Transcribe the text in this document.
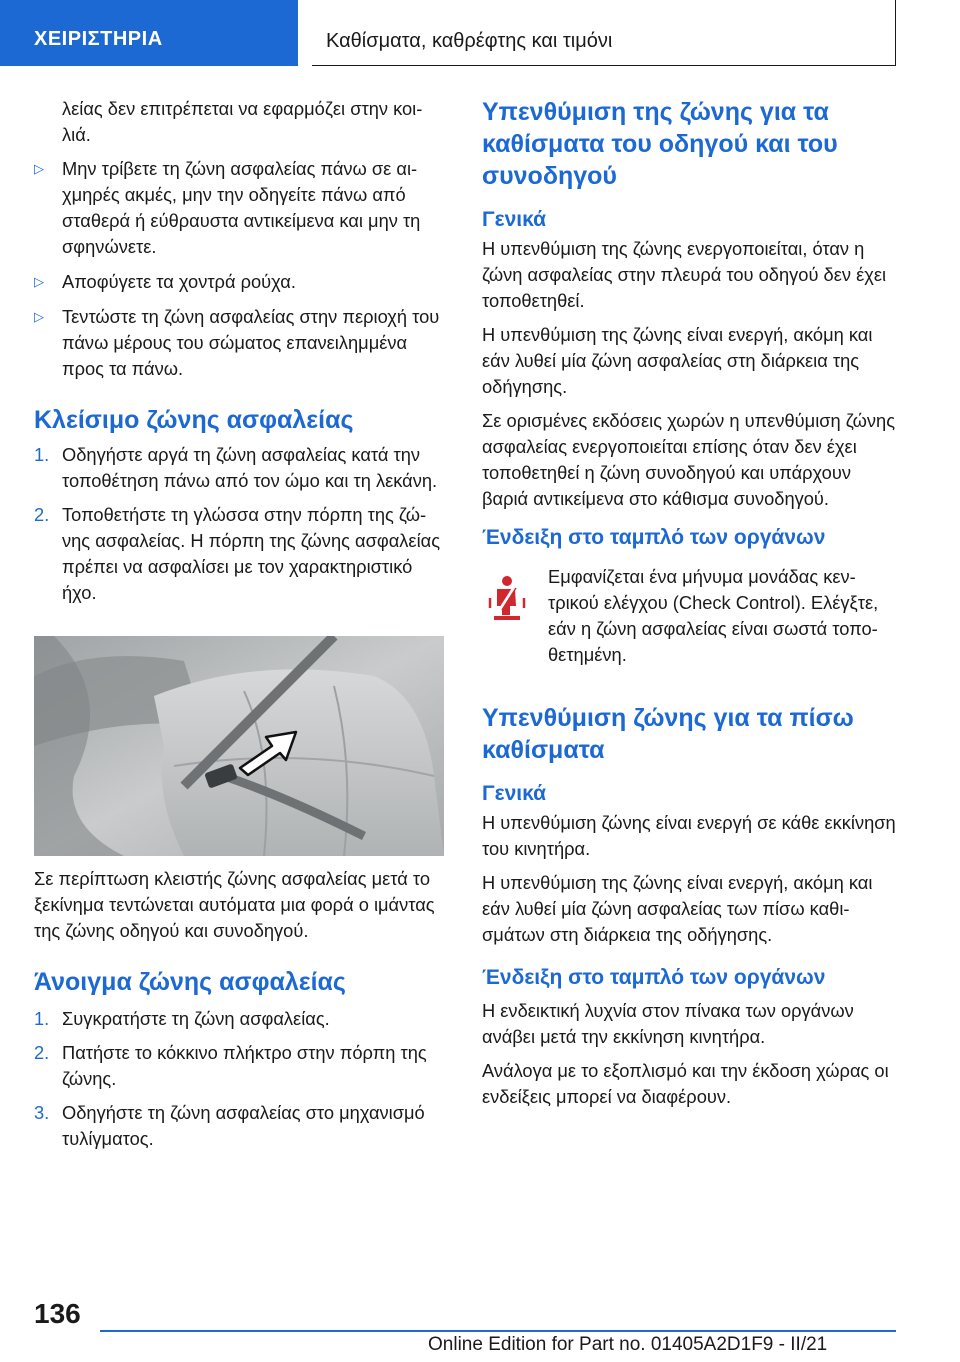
ΧΕΙΡΙΣΤΗΡΙΑ	Καθίσματα, καθρέφτης και τιμόνι

λείας δεν επιτρέπεται να εφαρμόζει στην κοιλιά.

▷ Μην τρίβετε τη ζώνη ασφαλείας πάνω σε αιχμηρές ακμές, μην την οδηγείτε πάνω από σταθερά ή εύθραυστα αντικείμενα και μην τη σφηνώνετε.
▷ Αποφύγετε τα χοντρά ρούχα.
▷ Τεντώστε τη ζώνη ασφαλείας στην περιοχή του πάνω μέρους του σώματος επανειλημμένα προς τα πάνω.
Κλείσιμο ζώνης ασφαλείας
1. Οδηγήστε αργά τη ζώνη ασφαλείας κατά την τοποθέτηση πάνω από τον ώμο και τη λεκάνη.
2. Τοποθετήστε τη γλώσσα στην πόρπη της ζώνης ασφαλείας. Η πόρπη της ζώνης ασφαλείας πρέπει να ασφαλίσει με τον χαρακτηριστικό ήχο.

Σε περίπτωση κλειστής ζώνης ασφαλείας μετά το ξεκίνημα τεντώνεται αυτόματα μια φορά ο ιμάντας της ζώνης οδηγού και συνοδηγού.

Άνοιγμα ζώνης ασφαλείας
1. Συγκρατήστε τη ζώνη ασφαλείας.
2. Πατήστε το κόκκινο πλήκτρο στην πόρπη της ζώνης.
3. Οδηγήστε τη ζώνη ασφαλείας στο μηχανισμό τυλίγματος.
Υπενθύμιση της ζώνης για τα καθίσματα του οδηγού και του συνοδηγού
Γενικά

Η υπενθύμιση της ζώνης ενεργοποιείται, όταν η ζώνη ασφαλείας στην πλευρά του οδηγού δεν έχει τοποθετηθεί.

Η υπενθύμιση της ζώνης είναι ενεργή, ακόμη και εάν λυθεί μία ζώνη ασφαλείας στη διάρκεια της οδήγησης.

Σε ορισμένες εκδόσεις χωρών η υπενθύμιση ζώνης ασφαλείας ενεργοποιείται επίσης όταν δεν έχει τοποθετηθεί η ζώνη συνοδηγού και υπάρχουν βαριά αντικείμενα στο κάθισμα συνοδηγού.

Ένδειξη στο ταμπλό των οργάνων
Εμφανίζεται ένα μήνυμα μονάδας κεντρικού ελέγχου (Check Control). Ελέγξτε, εάν η ζώνη ασφαλείας είναι σωστά τοποθετημένη.
Υπενθύμιση ζώνης για τα πίσω καθίσματα
Γενικά

Η υπενθύμιση ζώνης είναι ενεργή σε κάθε εκκίνηση του κινητήρα.

Η υπενθύμιση της ζώνης είναι ενεργή, ακόμη και εάν λυθεί μία ζώνη ασφαλείας των πίσω καθισμάτων στη διάρκεια της οδήγησης.

Ένδειξη στο ταμπλό των οργάνων

Η ενδεικτική λυχνία στον πίνακα των οργάνων ανάβει μετά την εκκίνηση κινητήρα.

Ανάλογα με το εξοπλισμό και την έκδοση χώρας οι ενδείξεις μπορεί να διαφέρουν.

136
Online Edition for Part no. 01405A2D1F9 - II/21
